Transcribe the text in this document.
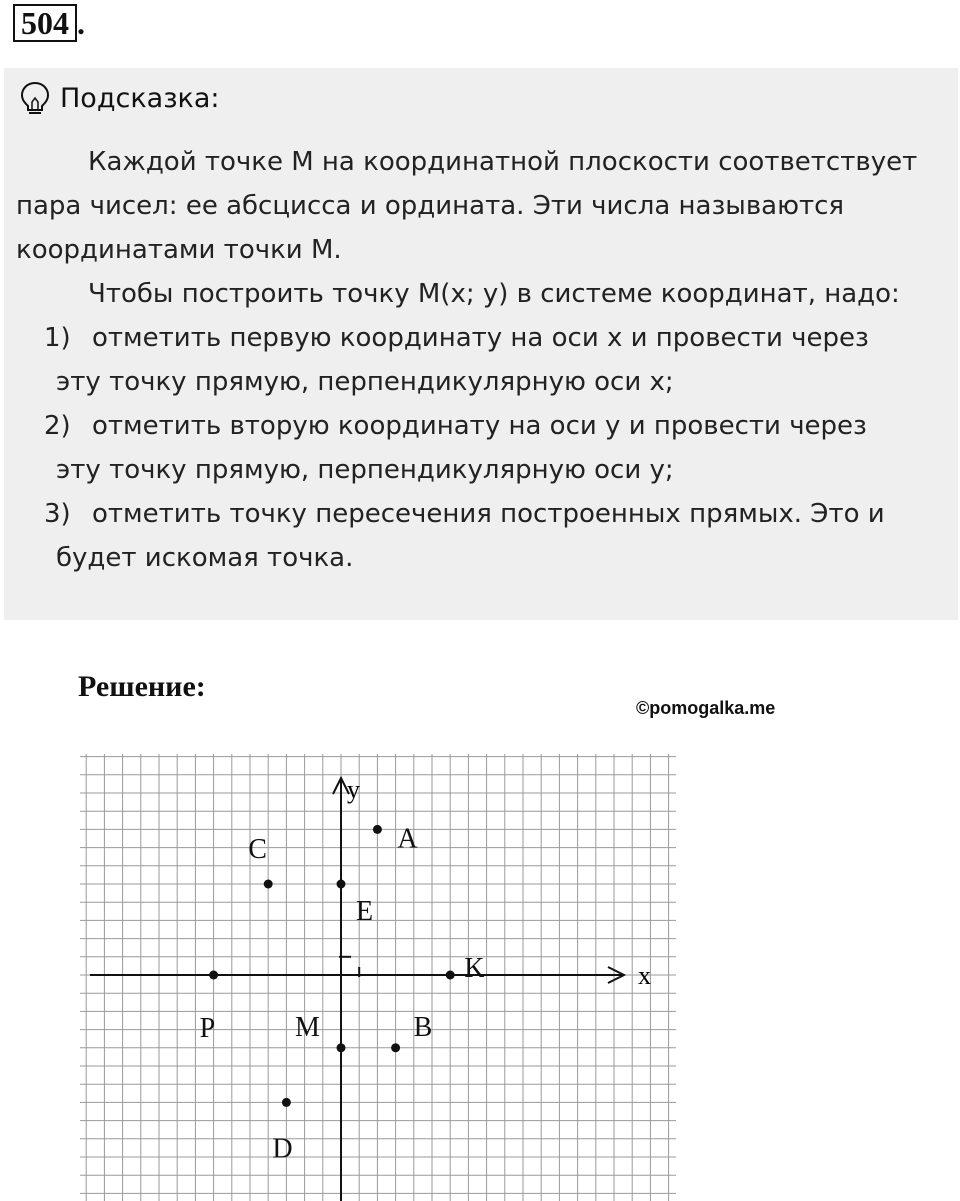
504 .
Подсказка:

Каждой точке М на координатной плоскости соответствует пара чисел: ее абсцисса и ордината. Эти числа называются координатами точки М.

Чтобы построить точку М(х; у) в системе координат, надо:

1) отметить первую координату на оси х и провести через
эту точку прямую, перпендикулярную оси х;
2) отметить вторую координату на оси у и провести через
эту точку прямую, перпендикулярную оси у;
3) отметить точку пересечения построенных прямых. Это и
будет искомая точка.
Решение:
©pomogalka.me
x
y
A
B
C
D
E
K
M
P
